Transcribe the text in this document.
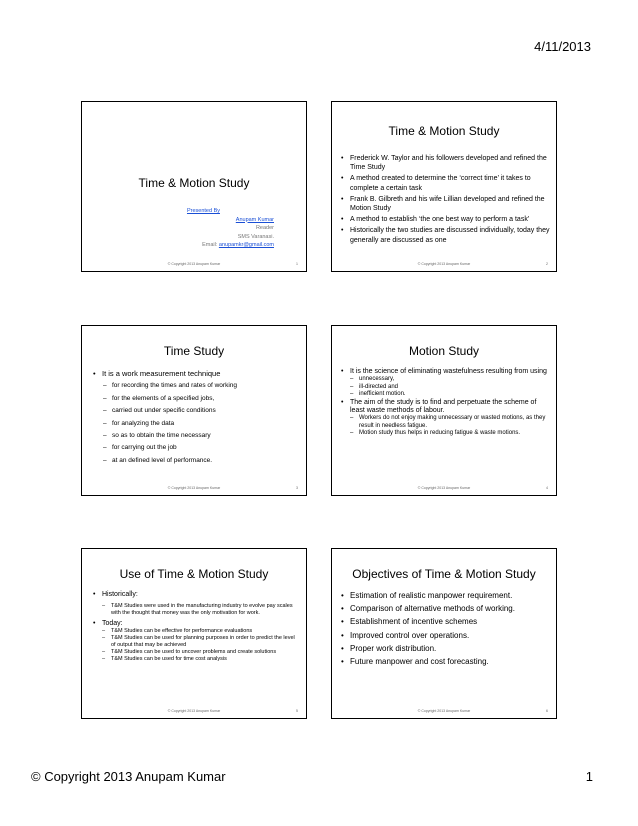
4/11/2013
Time & Motion Study
Presented By
Anupam Kumar
Reader
SMS Varanasi.
Email: anupamkr@gmail.com
© Copyright 2013 Anupam Kumar	1
Time & Motion Study
• Frederick W. Taylor and his followers developed and refined the Time Study
• A method created to determine the ‘correct time’ it takes to complete a certain task
• Frank B. Gilbreth and his wife Lillian developed and refined the Motion Study
• A method to establish ‘the one best way to perform a task’
• Historically the two studies are discussed individually, today they generally are discussed as one
© Copyright 2013 Anupam Kumar	2
Time Study
• It is a work measurement technique
– for recording the times and rates of working
– for the elements of a specified jobs,
– carried out under specific conditions
– for analyzing the data
– so as to obtain the time necessary
– for carrying out the job
– at an defined level of performance.
© Copyright 2013 Anupam Kumar	3
Motion Study
• It is the science of eliminating wastefulness resulting from using
– unnecessary,
– ill-directed and
– inefficient motion.
• The aim of the study is to find and perpetuate the scheme of least waste methods of labour.
– Workers do not enjoy making unnecessary or wasted motions, as they result in needless fatigue.
– Motion study thus helps in reducing fatigue & waste motions.
© Copyright 2013 Anupam Kumar	4
Use of Time & Motion Study
• Historically:
– T&M Studies were used in the manufacturing industry to evolve pay scales with the thought that money was the only motivation for work.
• Today:
– T&M Studies can be effective for performance evaluations
– T&M Studies can be used for planning purposes in order to predict the level of output that may be achieved
– T&M Studies can be used to uncover problems and create solutions
– T&M Studies can be used for time cost analysis
© Copyright 2013 Anupam Kumar	5
Objectives of Time & Motion Study
• Estimation of realistic manpower requirement.
• Comparison of alternative methods of working.
• Establishment of incentive schemes
• Improved control over operations.
• Proper work distribution.
• Future manpower and cost forecasting.
© Copyright 2013 Anupam Kumar	6
© Copyright 2013 Anupam Kumar	1
